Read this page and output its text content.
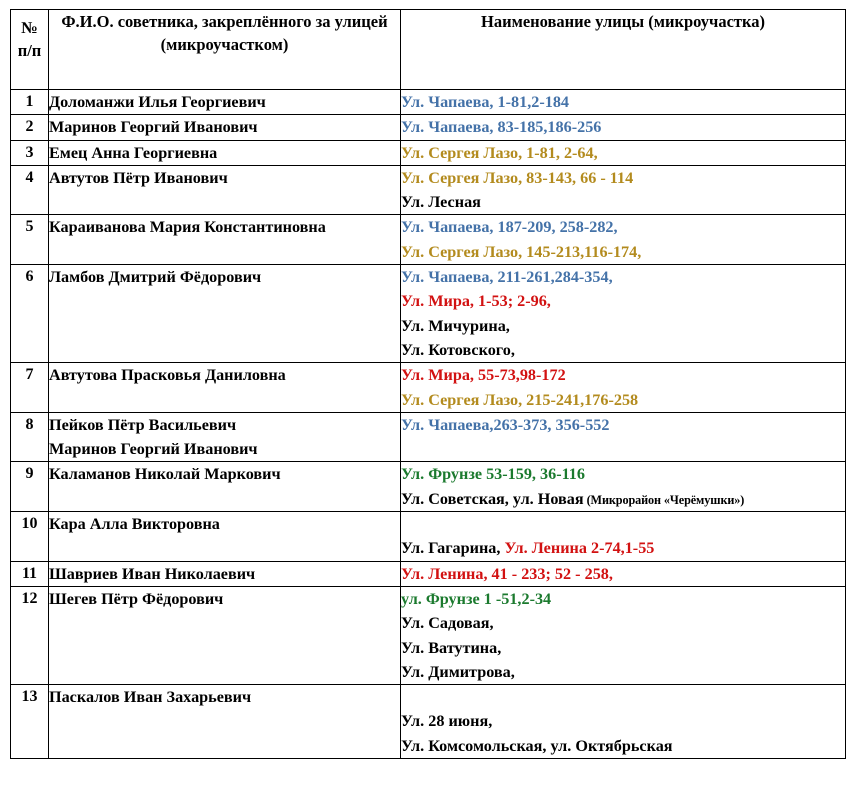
№
п/п	Ф.И.О. советника, закреплённого за улицей (микроучастком)	Наименование улицы (микроучастка)
1	Доломанжи Илья Георгиевич	Ул. Чапаева, 1-81,2-184

2	Маринов Георгий Иванович	Ул. Чапаева, 83-185,186-256

3	Емец Анна Георгиевна	Ул. Сергея Лазо, 1-81, 2-64,

4	Автутов Пётр Иванович	Ул. Сергея Лазо, 83-143, 66 - 114
Ул. Лесная

5	Караиванова Мария Константиновна	Ул. Чапаева, 187-209, 258-282,
Ул. Сергея Лазо, 145-213,116-174,

6	Ламбов Дмитрий Фёдорович	Ул. Чапаева, 211-261,284-354,
Ул. Мира, 1-53; 2-96,
Ул. Мичурина,
Ул. Котовского,

7	Автутова Прасковья Даниловна	Ул. Мира, 55-73,98-172
Ул. Сергея Лазо, 215-241,176-258

8	Пейков Пётр Васильевич
Маринов Георгий Иванович	Ул. Чапаева,263-373, 356-552

9	Каламанов Николай Маркович	Ул. Фрунзе 53-159, 36-116
Ул. Советская, ул. Новая (Микрорайон «Черёмушки»)

10	Кара Алла Викторовна	Ул. Гагарина, Ул. Ленина 2-74,1-55

11	Шавриев Иван Николаевич	Ул. Ленина, 41 - 233; 52 - 258,

12	Шегев Пётр Фёдорович	ул. Фрунзе 1 -51,2-34
Ул. Садовая,
Ул. Ватутина,
Ул. Димитрова,

13	Паскалов Иван Захарьевич	Ул. 28 июня,
Ул. Комсомольская, ул. Октябрьская
